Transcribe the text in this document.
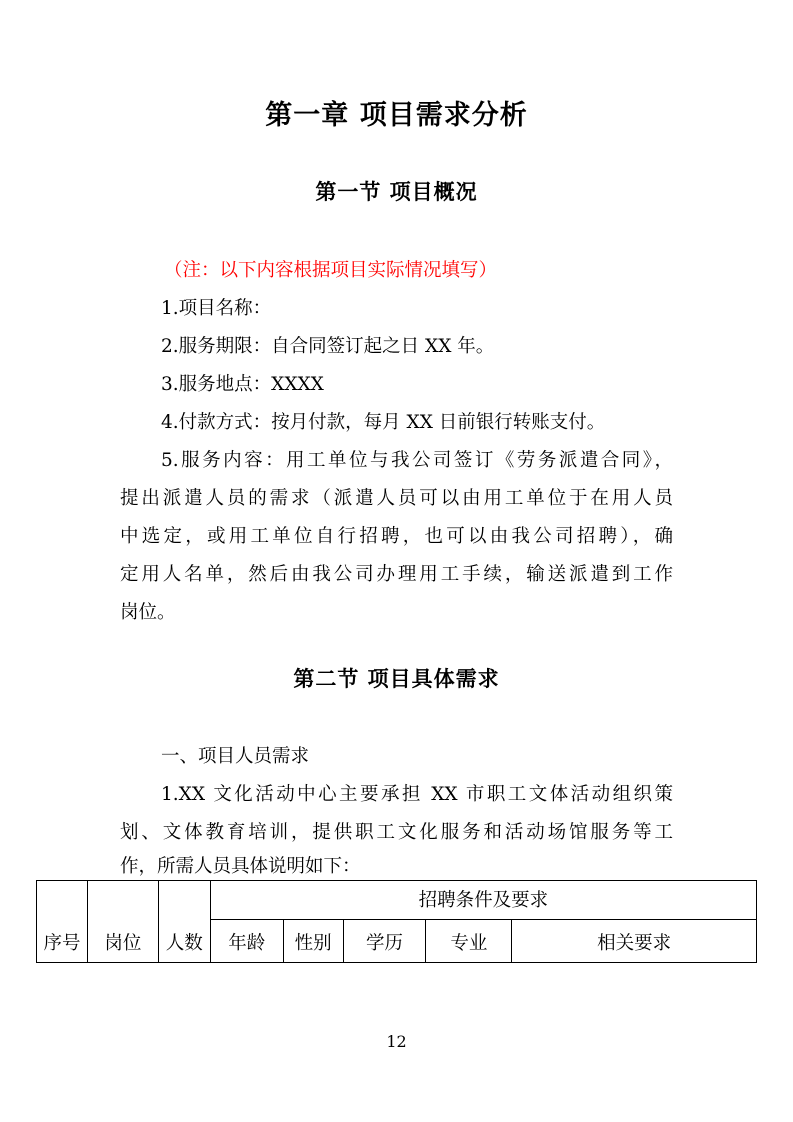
第一章 项目需求分析
第一节 项目概况
（注：以下内容根据项目实际情况填写）
1.项目名称：
2.服务期限：自合同签订起之日 XX 年。
3.服务地点：XXXX
4.付款方式：按月付款，每月 XX 日前银行转账支付。
5.服务内容：用工单位与我公司签订《劳务派遣合同》，
提出派遣人员的需求（派遣人员可以由用工单位于在用人员
中选定，或用工单位自行招聘，也可以由我公司招聘），确
定用人名单，然后由我公司办理用工手续，输送派遣到工作
岗位。
第二节 项目具体需求
一、项目人员需求
1.XX 文化活动中心主要承担 XX 市职工文体活动组织策
划、文体教育培训，提供职工文化服务和活动场馆服务等工
作，所需人员具体说明如下：
序号	岗位	人数	招聘条件及要求				
			年龄	性别	学历	专业	相关要求
12
